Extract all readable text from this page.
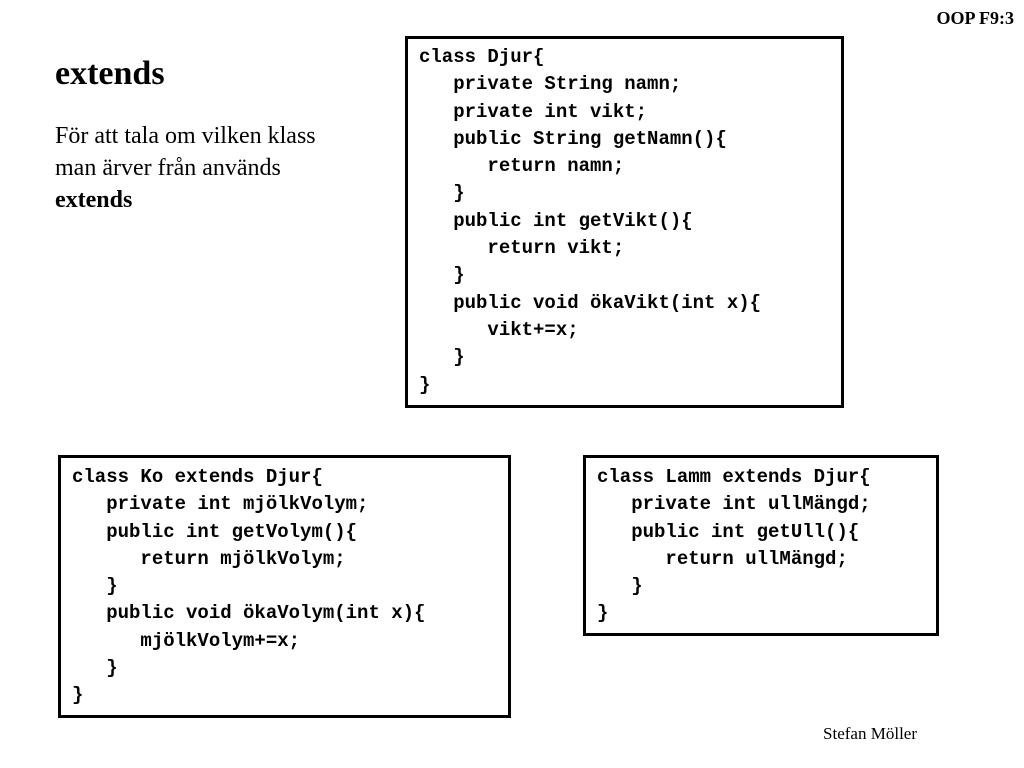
OOP F9:3
extends

För att tala om vilken klass man ärver från används extends

class Djur{
private String namn;
private int vikt;
public String getNamn(){
return namn;
}
public int getVikt(){
return vikt;
}
public void ökaVikt(int x){
vikt+=x;
}
}
class Ko extends Djur{
private int mjölkVolym;
public int getVolym(){
return mjölkVolym;
}
public void ökaVolym(int x){
mjölkVolym+=x;
}
}
class Lamm extends Djur{
private int ullMängd;
public int getUll(){
return ullMängd;
}
}
Stefan Möller
